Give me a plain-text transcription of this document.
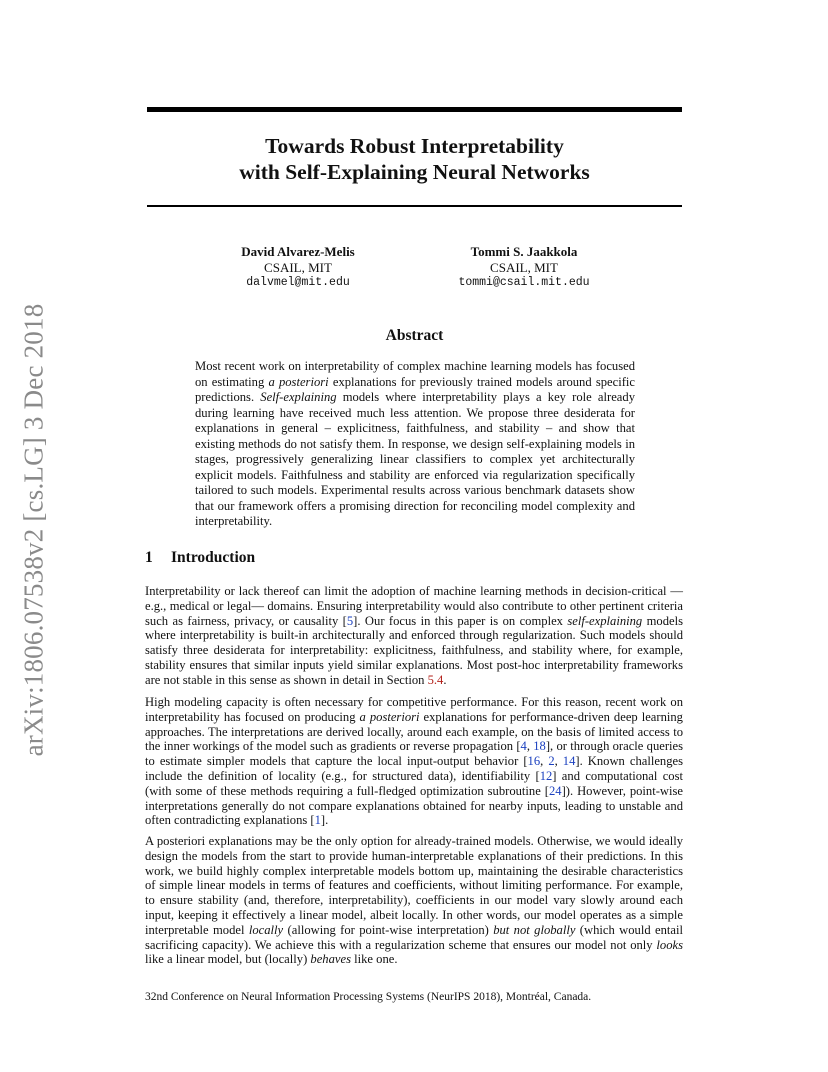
arXiv:1806.07538v2 [cs.LG] 3 Dec 2018
Towards Robust Interpretability
with Self-Explaining Neural Networks
David Alvarez-Melis
CSAIL, MIT
dalvmel@mit.edu
Tommi S. Jaakkola
CSAIL, MIT
tommi@csail.mit.edu
Abstract
Most recent work on interpretability of complex machine learning models has focused on estimating a posteriori explanations for previously trained models around specific predictions. Self-explaining models where interpretability plays a key role already during learning have received much less attention. We propose three desiderata for explanations in general – explicitness, faithfulness, and stability – and show that existing methods do not satisfy them. In response, we design self-explaining models in stages, progressively generalizing linear classifiers to complex yet architecturally explicit models. Faithfulness and stability are enforced via regularization specifically tailored to such models. Experimental results across various benchmark datasets show that our framework offers a promising direction for reconciling model complexity and interpretability.
1 Introduction

Interpretability or lack thereof can limit the adoption of machine learning methods in decision-critical —e.g., medical or legal— domains. Ensuring interpretability would also contribute to other pertinent criteria such as fairness, privacy, or causality [5]. Our focus in this paper is on complex self-explaining models where interpretability is built-in architecturally and enforced through regularization. Such models should satisfy three desiderata for interpretability: explicitness, faithfulness, and stability where, for example, stability ensures that similar inputs yield similar explanations. Most post-hoc interpretability frameworks are not stable in this sense as shown in detail in Section 5.4.

High modeling capacity is often necessary for competitive performance. For this reason, recent work on interpretability has focused on producing a posteriori explanations for performance-driven deep learning approaches. The interpretations are derived locally, around each example, on the basis of limited access to the inner workings of the model such as gradients or reverse propagation [4, 18], or through oracle queries to estimate simpler models that capture the local input-output behavior [16, 2, 14]. Known challenges include the definition of locality (e.g., for structured data), identifiability [12] and computational cost (with some of these methods requiring a full-fledged optimization subroutine [24]). However, point-wise interpretations generally do not compare explanations obtained for nearby inputs, leading to unstable and often contradicting explanations [1].

A posteriori explanations may be the only option for already-trained models. Otherwise, we would ideally design the models from the start to provide human-interpretable explanations of their predictions. In this work, we build highly complex interpretable models bottom up, maintaining the desirable characteristics of simple linear models in terms of features and coefficients, without limiting performance. For example, to ensure stability (and, therefore, interpretability), coefficients in our model vary slowly around each input, keeping it effectively a linear model, albeit locally. In other words, our model operates as a simple interpretable model locally (allowing for point-wise interpretation) but not globally (which would entail sacrificing capacity). We achieve this with a regularization scheme that ensures our model not only looks like a linear model, but (locally) behaves like one.

32nd Conference on Neural Information Processing Systems (NeurIPS 2018), Montréal, Canada.
